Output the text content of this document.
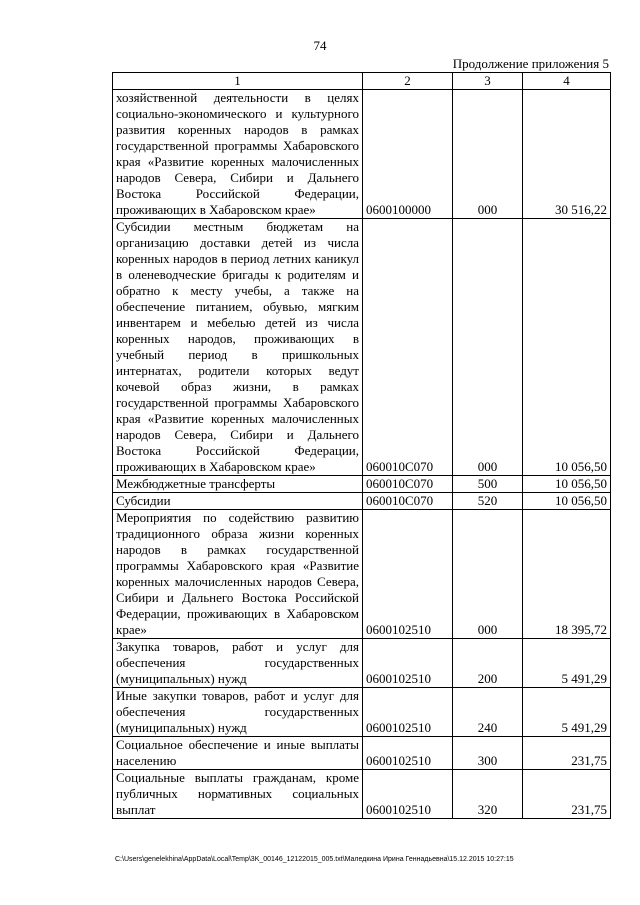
74
Продолжение приложения 5
1	2	3	4
хозяйственной деятельности в целях социально-экономического и культурного развития коренных народов в рамках государственной программы Хабаровского края «Развитие коренных малочисленных народов Севера, Сибири и Дальнего Востока Российской Федерации, проживающих в Хабаровском крае»	0600100000	000	30 516,22
Субсидии местным бюджетам на организацию доставки детей из числа коренных народов в период летних каникул в оленеводческие бригады к родителям и обратно к месту учебы, а также на обеспечение питанием, обувью, мягким инвентарем и мебелью детей из числа коренных народов, проживающих в учебный период в пришкольных интернатах, родители которых ведут кочевой образ жизни, в рамках государственной программы Хабаровского края «Развитие коренных малочисленных народов Севера, Сибири и Дальнего Востока Российской Федерации, проживающих в Хабаровском крае»	060010С070	000	10 056,50
Межбюджетные трансферты	060010С070	500	10 056,50
Субсидии	060010С070	520	10 056,50
Мероприятия по содействию развитию традиционного образа жизни коренных народов в рамках государственной программы Хабаровского края «Развитие коренных малочисленных народов Севера, Сибири и Дальнего Востока Российской Федерации, проживающих в Хабаровском крае»	0600102510	000	18 395,72
Закупка товаров, работ и услуг для обеспечения государственных (муниципальных) нужд	0600102510	200	5 491,29
Иные закупки товаров, работ и услуг для обеспечения государственных (муниципальных) нужд	0600102510	240	5 491,29
Социальное обеспечение и иные выплаты населению	0600102510	300	231,75
Социальные выплаты гражданам, кроме публичных нормативных социальных выплат	0600102510	320	231,75
C:\Users\genelekhina\AppData\Local\Temp\3K_00146_12122015_005.txt\Маледкина Ирина Геннадьевна\15.12.2015 10:27:15
